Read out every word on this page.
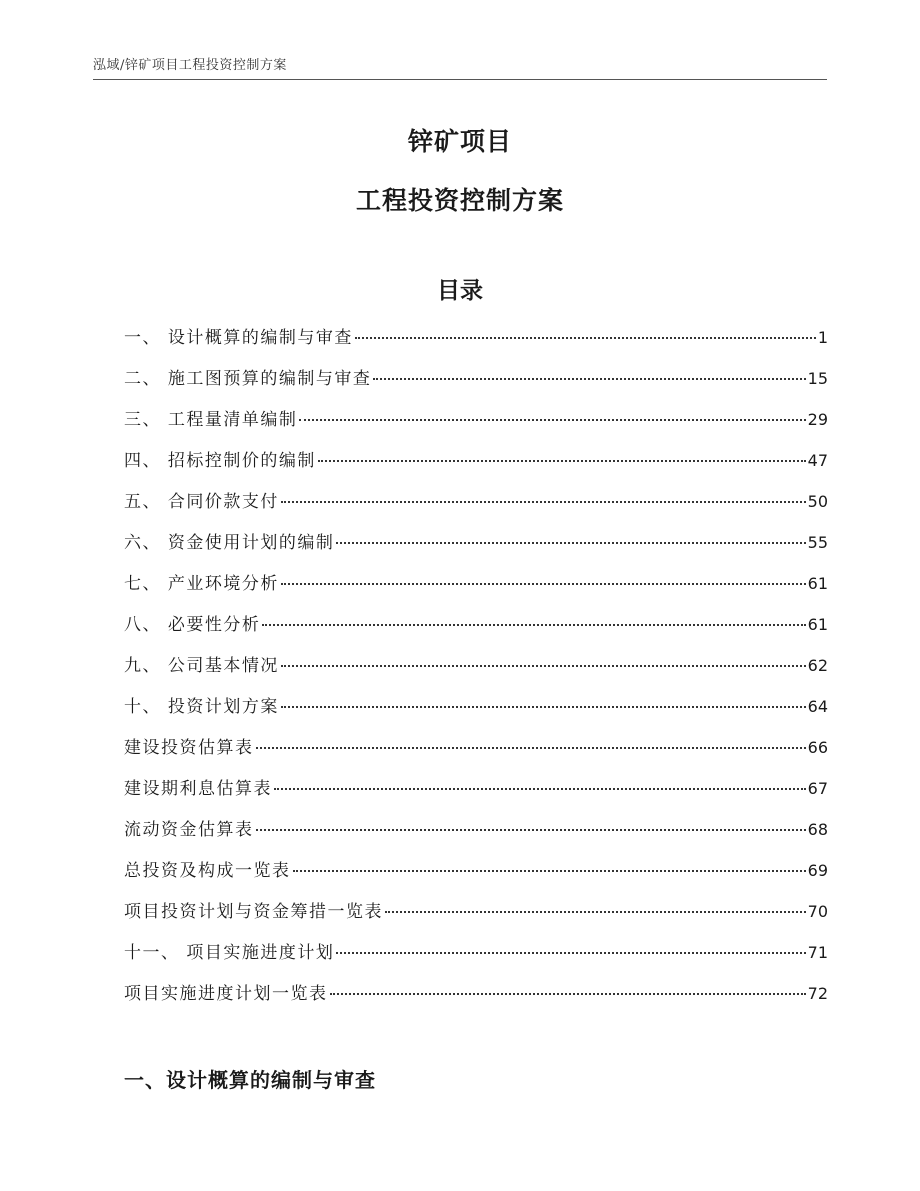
泓域/锌矿项目工程投资控制方案
锌矿项目
工程投资控制方案
目录
一、 设计概算的编制与审查	1
二、 施工图预算的编制与审查	15
三、 工程量清单编制	29
四、 招标控制价的编制	47
五、 合同价款支付	50
六、 资金使用计划的编制	55
七、 产业环境分析	61
八、 必要性分析	61
九、 公司基本情况	62
十、 投资计划方案	64
建设投资估算表	66
建设期利息估算表	67
流动资金估算表	68
总投资及构成一览表	69
项目投资计划与资金筹措一览表	70
十一、 项目实施进度计划	71
项目实施进度计划一览表	72
一、设计概算的编制与审查
